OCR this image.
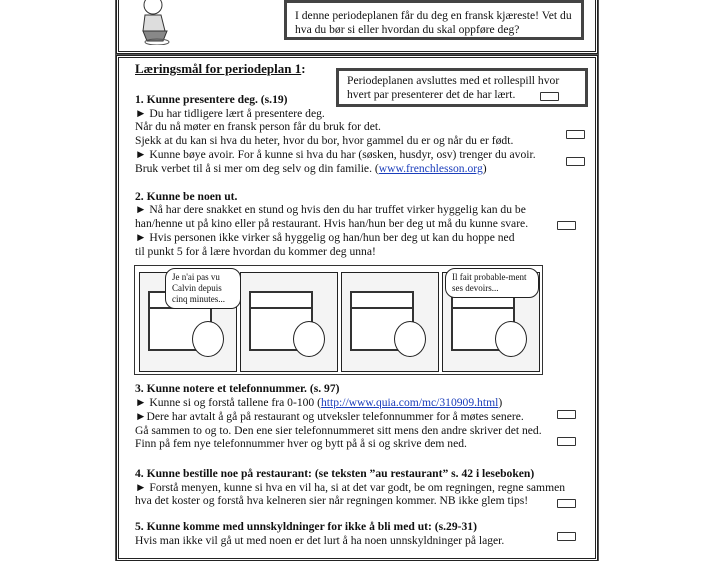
I denne periodeplanen får du deg en fransk kjæreste! Vet du hva du bør si eller hvordan du skal oppføre deg?
Læringsmål for periodeplan 1:
Periodeplanen avsluttes med et rollespill hvor hvert par presenterer det de har lært.
1. Kunne presentere deg. (s.19)
► Du har tidligere lært å presentere deg.
Når du nå møter en fransk person får du bruk for det.
Sjekk at du kan si hva du heter, hvor du bor, hvor gammel du er og når du er født.
► Kunne bøye avoir. For å kunne si hva du har (søsken, husdyr, osv) trenger du avoir.
Bruk verbet til å si mer om deg selv og din familie. (www.frenchlesson.org)
2. Kunne be noen ut.
► Nå har dere snakket en stund og hvis den du har truffet virker hyggelig kan du be
han/henne ut på kino eller på restaurant. Hvis han/hun ber deg ut må du kunne svare.
► Hvis personen ikke virker så hyggelig og han/hun ber deg ut kan du hoppe ned
til punkt 5 for å lære hvordan du kommer deg unna!
Je n'ai pas vu Calvin depuis cinq minutes...
Il fait probable-ment ses devoirs...
3. Kunne notere et telefonnummer. (s. 97)
► Kunne si og forstå tallene fra 0-100 (http://www.quia.com/mc/310909.html)
►Dere har avtalt å gå på restaurant og utveksler telefonnummer for å møtes senere.
Gå sammen to og to. Den ene sier telefonnummeret sitt mens den andre skriver det ned.
Finn på fem nye telefonnummer hver og bytt på å si og skrive dem ned.
4. Kunne bestille noe på restaurant: (se teksten ”au restaurant” s. 42 i leseboken)
► Forstå menyen, kunne si hva en vil ha, si at det var godt, be om regningen, regne sammen
hva det koster og forstå hva kelneren sier når regningen kommer. NB ikke glem tips!
5. Kunne komme med unnskyldninger for ikke å bli med ut: (s.29-31)
Hvis man ikke vil gå ut med noen er det lurt å ha noen unnskyldninger på lager.
